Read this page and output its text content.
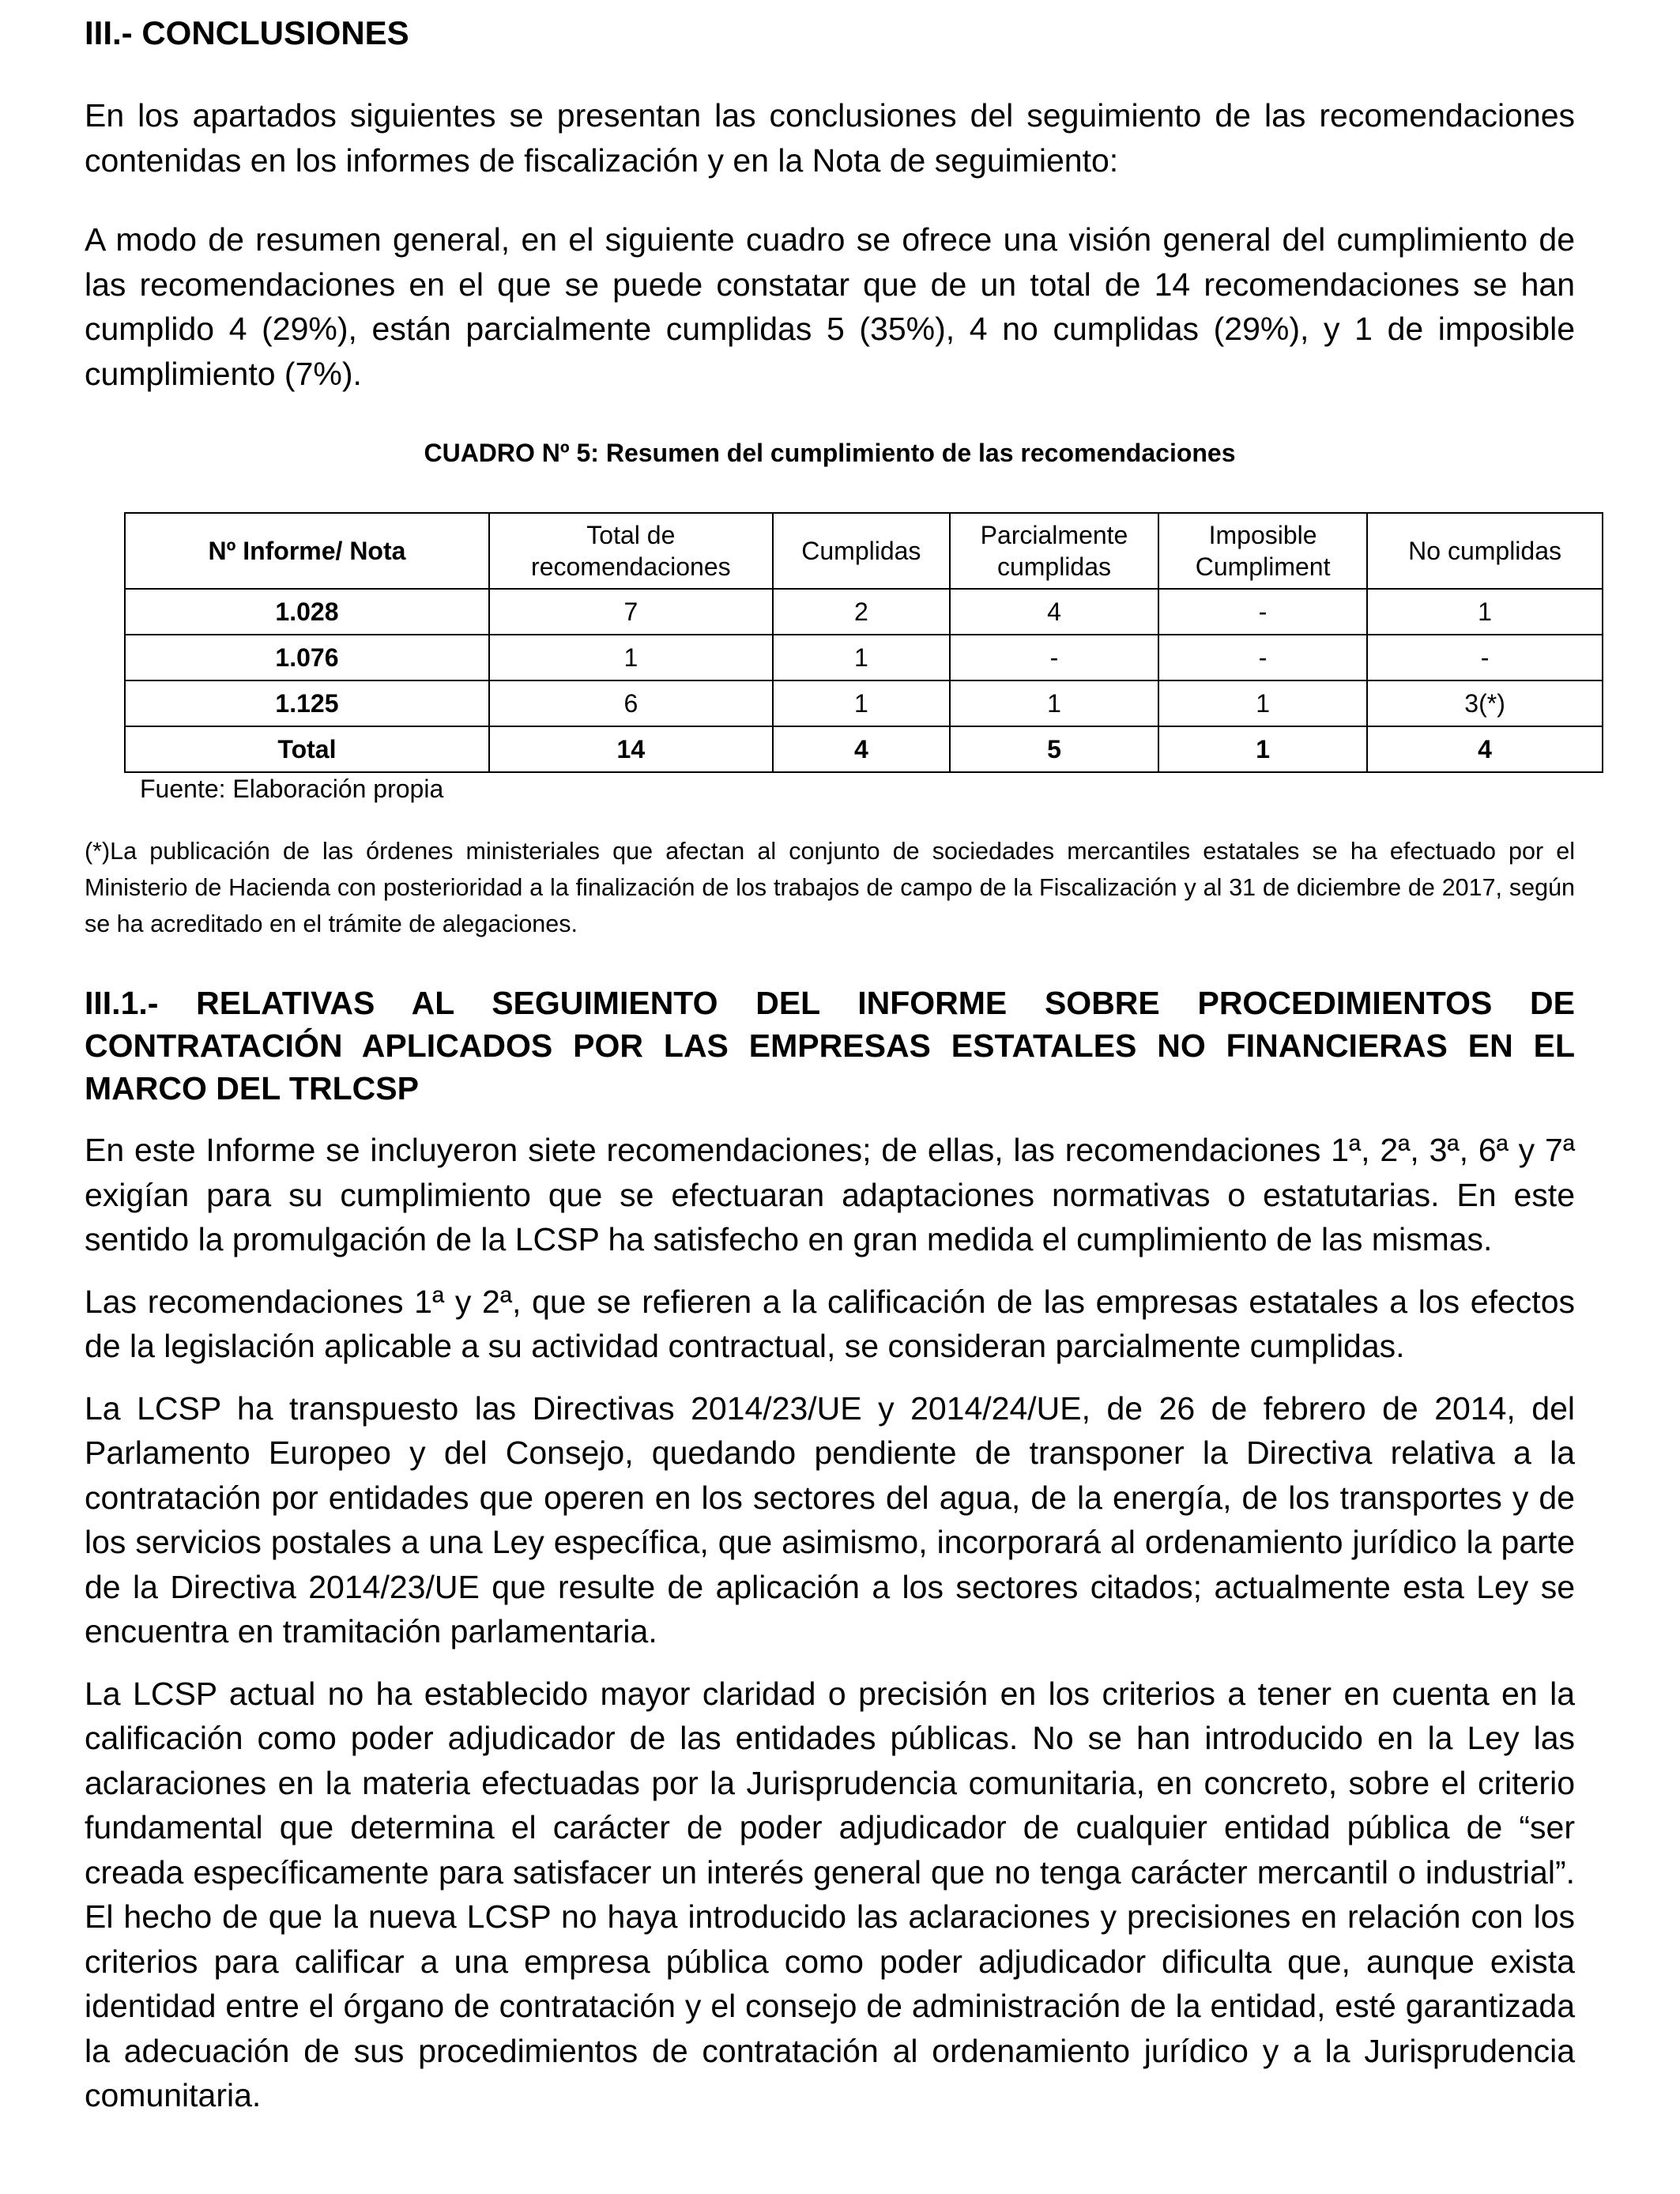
III.- CONCLUSIONES

En los apartados siguientes se presentan las conclusiones del seguimiento de las recomendaciones contenidas en los informes de fiscalización y en la Nota de seguimiento:

A modo de resumen general, en el siguiente cuadro se ofrece una visión general del cumplimiento de las recomendaciones en el que se puede constatar que de un total de 14 recomendaciones se han cumplido 4 (29%), están parcialmente cumplidas 5 (35%), 4 no cumplidas (29%), y 1 de imposible cumplimiento (7%).

CUADRO Nº 5: Resumen del cumplimiento de las recomendaciones

Nº Informe/ Nota	Total de recomendaciones	Cumplidas	Parcialmente cumplidas	Imposible Cumpliment	No cumplidas
1.028	7	2	4	-	1
1.076	1	1	-	-	-
1.125	6	1	1	1	3(*)
Total	14	4	5	1	4

Fuente: Elaboración propia

(*)La publicación de las órdenes ministeriales que afectan al conjunto de sociedades mercantiles estatales se ha efectuado por el Ministerio de Hacienda con posterioridad a la finalización de los trabajos de campo de la Fiscalización y al 31 de diciembre de 2017, según se ha acreditado en el trámite de alegaciones.

III.1.- RELATIVAS AL SEGUIMIENTO DEL INFORME SOBRE PROCEDIMIENTOS DE CONTRATACIÓN APLICADOS POR LAS EMPRESAS ESTATALES NO FINANCIERAS EN EL MARCO DEL TRLCSP

En este Informe se incluyeron siete recomendaciones; de ellas, las recomendaciones 1ª, 2ª, 3ª, 6ª y 7ª exigían para su cumplimiento que se efectuaran adaptaciones normativas o estatutarias. En este sentido la promulgación de la LCSP ha satisfecho en gran medida el cumplimiento de las mismas.

Las recomendaciones 1ª y 2ª, que se refieren a la calificación de las empresas estatales a los efectos de la legislación aplicable a su actividad contractual, se consideran parcialmente cumplidas.

La LCSP ha transpuesto las Directivas 2014/23/UE y 2014/24/UE, de 26 de febrero de 2014, del Parlamento Europeo y del Consejo, quedando pendiente de transponer la Directiva relativa a la contratación por entidades que operen en los sectores del agua, de la energía, de los transportes y de los servicios postales a una Ley específica, que asimismo, incorporará al ordenamiento jurídico la parte de la Directiva 2014/23/UE que resulte de aplicación a los sectores citados; actualmente esta Ley se encuentra en tramitación parlamentaria.

La LCSP actual no ha establecido mayor claridad o precisión en los criterios a tener en cuenta en la calificación como poder adjudicador de las entidades públicas. No se han introducido en la Ley las aclaraciones en la materia efectuadas por la Jurisprudencia comunitaria, en concreto, sobre el criterio fundamental que determina el carácter de poder adjudicador de cualquier entidad pública de “ser creada específicamente para satisfacer un interés general que no tenga carácter mercantil o industrial”. El hecho de que la nueva LCSP no haya introducido las aclaraciones y precisiones en relación con los criterios para calificar a una empresa pública como poder adjudicador dificulta que, aunque exista identidad entre el órgano de contratación y el consejo de administración de la entidad, esté garantizada la adecuación de sus procedimientos de contratación al ordenamiento jurídico y a la Jurisprudencia comunitaria.
